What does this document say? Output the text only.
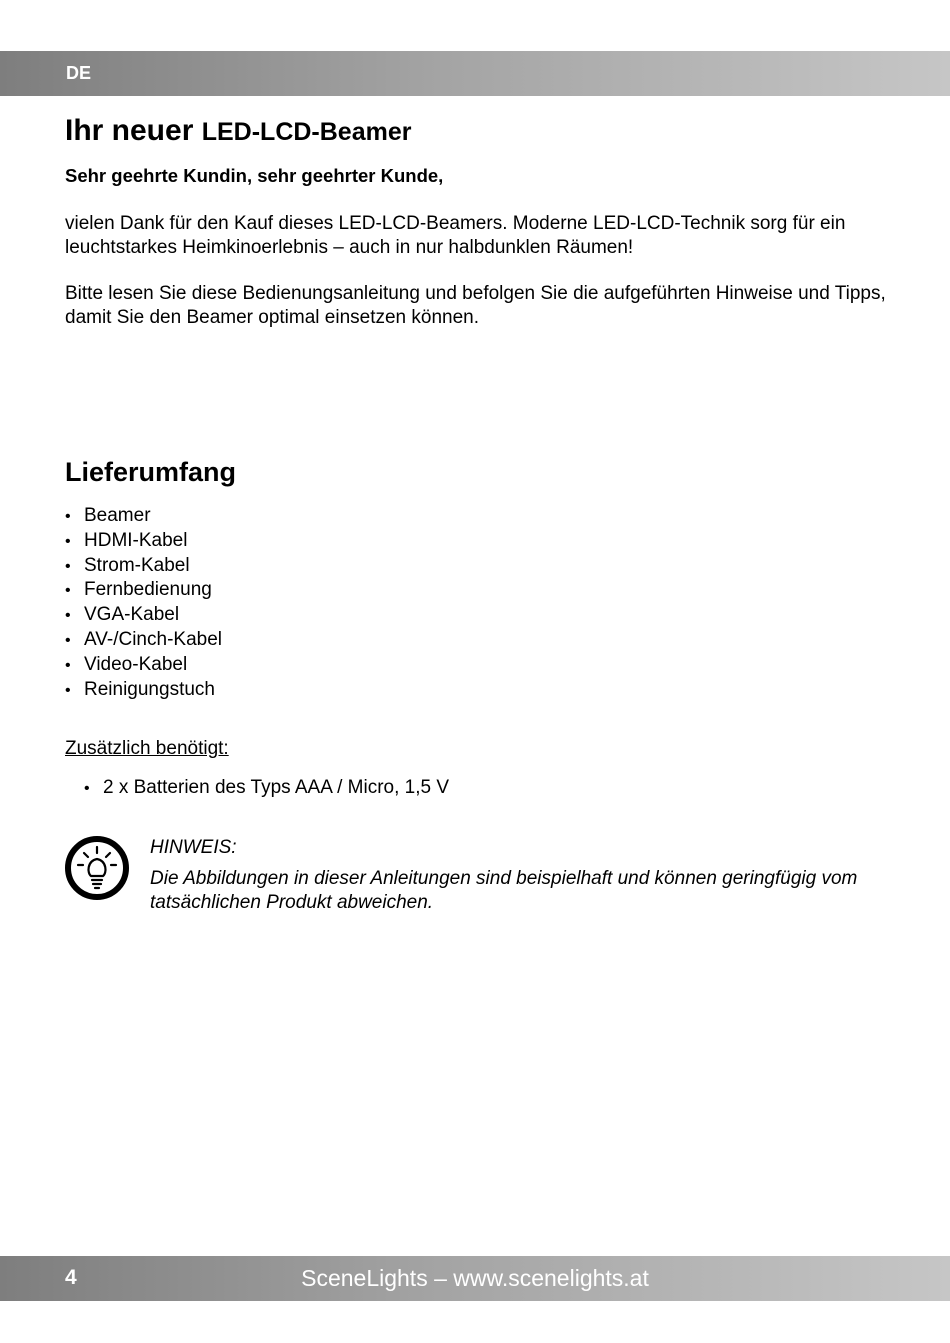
DE
Ihr neuer LED-LCD-Beamer

Sehr geehrte Kundin, sehr geehrter Kunde,

vielen Dank für den Kauf dieses LED-LCD-Beamers. Moderne LED-LCD-Technik sorg für ein leuchtstarkes Heimkinoerlebnis – auch in nur halbdunklen Räumen!

Bitte lesen Sie diese Bedienungsanleitung und befolgen Sie die aufgeführten Hinweise und Tipps, damit Sie den Beamer optimal einsetzen können.

Lieferumfang
• Beamer
• HDMI-Kabel
• Strom-Kabel
• Fernbedienung
• VGA-Kabel
• AV-/Cinch-Kabel
• Video-Kabel
• Reinigungstuch

Zusätzlich benötigt:

• 2 x Batterien des Typs AAA / Micro, 1,5 V

HINWEIS:

Die Abbildungen in dieser Anleitungen sind beispielhaft und können geringfügig vom tatsächlichen Produkt abweichen.

4	SceneLights – www.scenelights.at
